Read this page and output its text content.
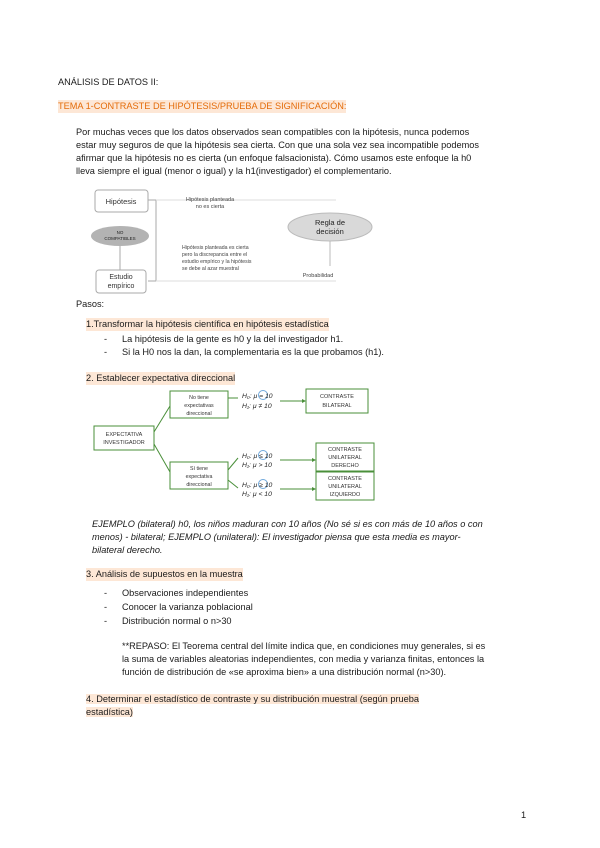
ANÁLISIS DE DATOS II:
TEMA 1-CONTRASTE DE HIPÓTESIS/PRUEBA DE SIGNIFICACIÓN:
Por muchas veces que los datos observados sean compatibles con la hipótesis, nunca podemos
estar muy seguros de que la hipótesis sea cierta. Con que una sola vez sea incompatible podemos
afirmar que la hipótesis no es cierta (un enfoque falsacionista). Cómo usamos este enfoque la h0
lleva siempre el igual (menor o igual) y la h1(investigador) el complementario.
Hipótesis
NO
COMPATIBLES
Estudio
empírico
Hipótesis planteada
no es cierta
Hipótesis planteada es cierta
pero la discrepancia entre el
estudio empírico y la hipótesis
se debe al azar muestral
Regla de
decisión
Probabilidad
Pasos:
1.Transformar la hipótesis científica en hipótesis estadística
- La hipótesis de la gente es h0 y la del investigador h1.
- Si la H0 nos la dan, la complementaria es la que probamos (h1).
2. Establecer expectativa direccional
EXPECTATIVA
INVESTIGADOR
No tiene
expectativas
direccional
Sí tiene
expectativa
direccional
H₀: μ = 10
H₁: μ ≠ 10
H₀: μ ≤ 10
H₁: μ > 10
H₀: μ ≥ 10
H₁: μ < 10
CONTRASTE
BILATERAL
CONTRASTE
UNILATERAL
DERECHO
CONTRASTE
UNILATERAL
IZQUIERDO
EJEMPLO (bilateral) h0, los niños maduran con 10 años (No sé si es con más de 10 años o con
menos) - bilateral; EJEMPLO (unilateral): El investigador piensa que esta media es mayor-
bilateral derecho.
3. Análisis de supuestos en la muestra
- Observaciones independientes
- Conocer la varianza poblacional
- Distribución normal o n>30
**REPASO: El Teorema central del límite indica que, en condiciones muy generales, si es
la suma de variables aleatorias independientes, con media y varianza finitas, entonces la
función de distribución de «se aproxima bien» a una distribución normal (n>30).
4. Determinar el estadístico de contraste y su distribución muestral (según prueba
estadística)
1
